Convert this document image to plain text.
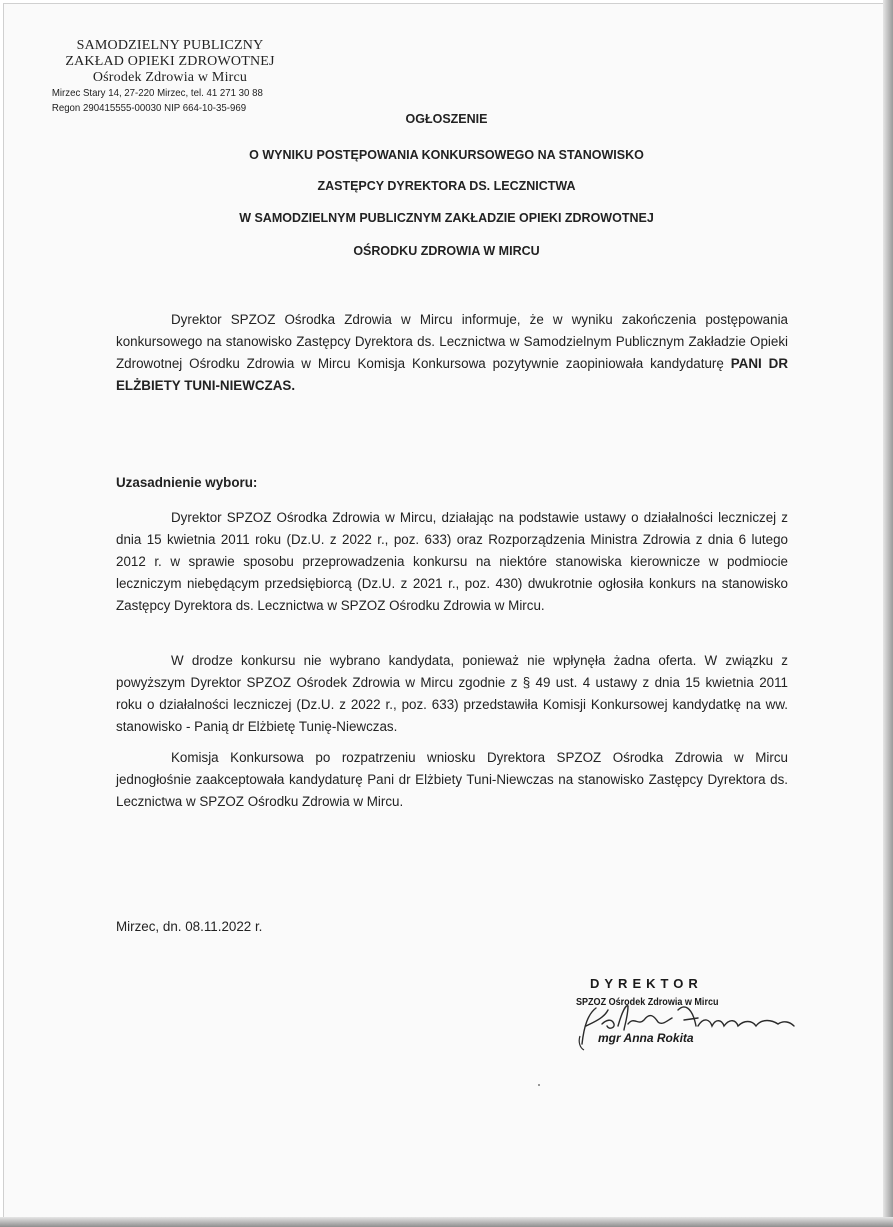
SAMODZIELNY PUBLICZNY
ZAKŁAD OPIEKI ZDROWOTNEJ
Ośrodek Zdrowia w Mircu
Mirzec Stary 14, 27-220 Mirzec, tel. 41 271 30 88
Regon 290415555-00030 NIP 664-10-35-969
OGŁOSZENIE
O WYNIKU POSTĘPOWANIA KONKURSOWEGO NA STANOWISKO
ZASTĘPCY DYREKTORA DS. LECZNICTWA
W SAMODZIELNYM PUBLICZNYM ZAKŁADZIE OPIEKI ZDROWOTNEJ
OŚRODKU ZDROWIA W MIRCU
Dyrektor SPZOZ Ośrodka Zdrowia w Mircu informuje, że w wyniku zakończenia postępowania konkursowego na stanowisko Zastępcy Dyrektora ds. Lecznictwa w Samodzielnym Publicznym Zakładzie Opieki Zdrowotnej Ośrodku Zdrowia w Mircu Komisja Konkursowa pozytywnie zaopiniowała kandydaturę PANI DR ELŻBIETY TUNI-NIEWCZAS.
Uzasadnienie wyboru:
Dyrektor SPZOZ Ośrodka Zdrowia w Mircu, działając na podstawie ustawy o działalności leczniczej z dnia 15 kwietnia 2011 roku (Dz.U. z 2022 r., poz. 633) oraz Rozporządzenia Ministra Zdrowia z dnia 6 lutego 2012 r. w sprawie sposobu przeprowadzenia konkursu na niektóre stanowiska kierownicze w podmiocie leczniczym niebędącym przedsiębiorcą (Dz.U. z 2021 r., poz. 430) dwukrotnie ogłosiła konkurs na stanowisko Zastępcy Dyrektora ds. Lecznictwa w SPZOZ Ośrodku Zdrowia w Mircu.
W drodze konkursu nie wybrano kandydata, ponieważ nie wpłynęła żadna oferta. W związku z powyższym Dyrektor SPZOZ Ośrodek Zdrowia w Mircu zgodnie z § 49 ust. 4 ustawy z dnia 15 kwietnia 2011 roku o działalności leczniczej (Dz.U. z 2022 r., poz. 633) przedstawiła Komisji Konkursowej kandydatkę na ww. stanowisko - Panią dr Elżbietę Tunię-Niewczas.
Komisja Konkursowa po rozpatrzeniu wniosku Dyrektora SPZOZ Ośrodka Zdrowia w Mircu jednogłośnie zaakceptowała kandydaturę Pani dr Elżbiety Tuni-Niewczas na stanowisko Zastępcy Dyrektora ds. Lecznictwa w SPZOZ Ośrodku Zdrowia w Mircu.
Mirzec, dn. 08.11.2022 r.
DYREKTOR
SPZOZ Ośrodek Zdrowia w Mircu
mgr Anna Rokita
